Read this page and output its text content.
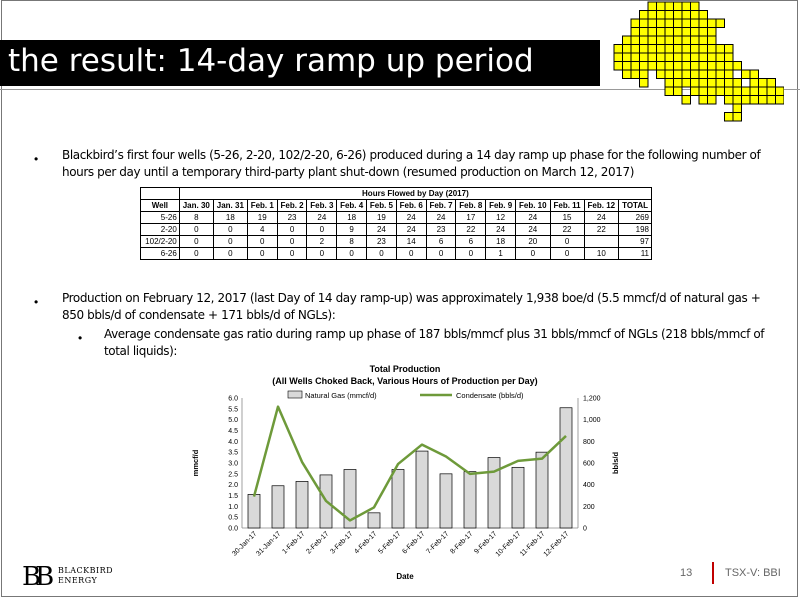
the result: 14-day ramp up period
• Blackbird’s first four wells (5-26, 2-20, 102/2-20, 6-26) produced during a 14 day ramp up phase for the following number of hours per day until a temporary third-party plant shut-down (resumed production on March 12, 2017)
	Hours Flowed by Day (2017)														
Well	Jan. 30	Jan. 31	Feb. 1	Feb. 2	Feb. 3	Feb. 4	Feb. 5	Feb. 6	Feb. 7	Feb. 8	Feb. 9	Feb. 10	Feb. 11	Feb. 12	TOTAL
5-26	8	18	19	23	24	18	19	24	24	17	12	24	15	24	269
2-20	0	0	4	0	0	9	24	24	23	22	24	24	22	22	198
102/2-20	0	0	0	0	2	8	23	14	6	6	18	20	0		97
6-26	0	0	0	0	0	0	0	0	0	0	1	0	0	10	11
• Production on February 12, 2017 (last Day of 14 day ramp-up) was approximately 1,938 boe/d (5.5 mmcf/d of natural gas + 850 bbls/d of condensate + 171 bbls/d of NGLs):
• Average condensate gas ratio during ramp up phase of 187 bbls/mmcf plus 31 bbls/mmcf of NGLs (218 bbls/mmcf of total liquids):
Total Production
(All Wells Choked Back, Various Hours of Production per Day)
Natural Gas (mmcf/d)	Condensate (bbls/d)
0.0
0.5
1.0
1.5
2.0
2.5
3.0
3.5
4.0
4.5
5.0
5.5
6.0
0
200
400
600
800
1,000
1,200
mmcf/d	bbls/d
30-Jan-17
31-Jan-17
1-Feb-17
2-Feb-17
3-Feb-17
4-Feb-17
5-Feb-17
6-Feb-17
7-Feb-17
8-Feb-17
9-Feb-17
10-Feb-17
11-Feb-17
12-Feb-17
Date
BB BLACKBIRD
ENERGY
13	TSX-V: BBI
